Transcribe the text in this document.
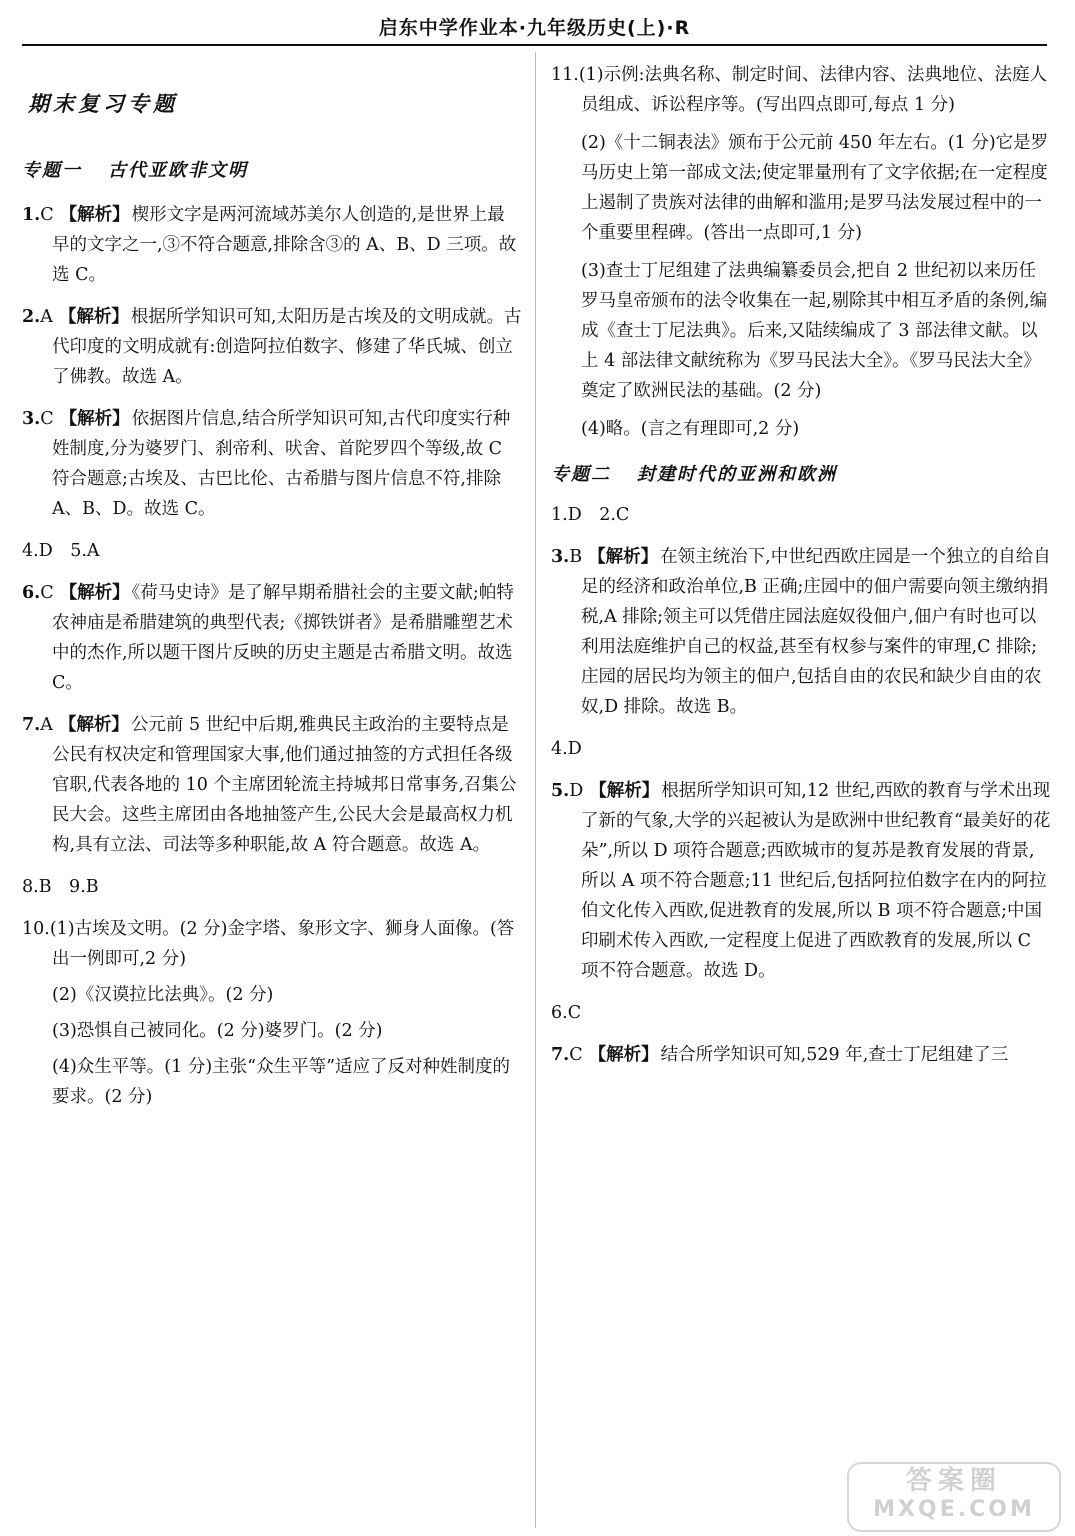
启东中学作业本·九年级历史(上)·R
期末复习专题
专题一 古代亚欧非文明

1.C 【解析】 楔形文字是两河流域苏美尔人创造的,是世界上最早的文字之一,③不符合题意,排除含③的 A、B、D 三项。故选 C。

2.A 【解析】 根据所学知识可知,太阳历是古埃及的文明成就。古代印度的文明成就有:创造阿拉伯数字、修建了华氏城、创立了佛教。故选 A。

3.C 【解析】 依据图片信息,结合所学知识可知,古代印度实行种姓制度,分为婆罗门、刹帝利、吠舍、首陀罗四个等级,故 C 符合题意;古埃及、古巴比伦、古希腊与图片信息不符,排除 A、B、D。故选 C。

4.D　5.A

6.C 【解析】 《荷马史诗》是了解早期希腊社会的主要文献;帕特农神庙是希腊建筑的典型代表;《掷铁饼者》是希腊雕塑艺术中的杰作,所以题干图片反映的历史主题是古希腊文明。故选 C。

7.A 【解析】 公元前 5 世纪中后期,雅典民主政治的主要特点是公民有权决定和管理国家大事,他们通过抽签的方式担任各级官职,代表各地的 10 个主席团轮流主持城邦日常事务,召集公民大会。这些主席团由各地抽签产生,公民大会是最高权力机构,具有立法、司法等多种职能,故 A 符合题意。故选 A。

8.B　9.B

10.(1)古埃及文明。(2 分)金字塔、象形文字、狮身人面像。(答出一例即可,2 分)

(2)《汉谟拉比法典》。(2 分)

(3)恐惧自己被同化。(2 分)婆罗门。(2 分)

(4)众生平等。(1 分)主张“众生平等”适应了反对种姓制度的要求。(2 分)

11.(1)示例:法典名称、制定时间、法律内容、法典地位、法庭人员组成、诉讼程序等。(写出四点即可,每点 1 分)

(2)《十二铜表法》颁布于公元前 450 年左右。(1 分)它是罗马历史上第一部成文法;使定罪量刑有了文字依据;在一定程度上遏制了贵族对法律的曲解和滥用;是罗马法发展过程中的一个重要里程碑。(答出一点即可,1 分)

(3)查士丁尼组建了法典编纂委员会,把自 2 世纪初以来历任罗马皇帝颁布的法令收集在一起,剔除其中相互矛盾的条例,编成《查士丁尼法典》。后来,又陆续编成了 3 部法律文献。以上 4 部法律文献统称为《罗马民法大全》。《罗马民法大全》奠定了欧洲民法的基础。(2 分)

(4)略。(言之有理即可,2 分)

专题二 封建时代的亚洲和欧洲

1.D　2.C

3.B 【解析】 在领主统治下,中世纪西欧庄园是一个独立的自给自足的经济和政治单位,B 正确;庄园中的佃户需要向领主缴纳捐税,A 排除;领主可以凭借庄园法庭奴役佃户,佃户有时也可以利用法庭维护自己的权益,甚至有权参与案件的审理,C 排除;庄园的居民均为领主的佃户,包括自由的农民和缺少自由的农奴,D 排除。故选 B。

4.D

5.D 【解析】 根据所学知识可知,12 世纪,西欧的教育与学术出现了新的气象,大学的兴起被认为是欧洲中世纪教育“最美好的花朵”,所以 D 项符合题意;西欧城市的复苏是教育发展的背景,所以 A 项不符合题意;11 世纪后,包括阿拉伯数字在内的阿拉伯文化传入西欧,促进教育的发展,所以 B 项不符合题意;中国印刷术传入西欧,一定程度上促进了西欧教育的发展,所以 C 项不符合题意。故选 D。

6.C

7.C 【解析】 结合所学知识可知,529 年,查士丁尼组建了三

答案圈
MXQE.COM
